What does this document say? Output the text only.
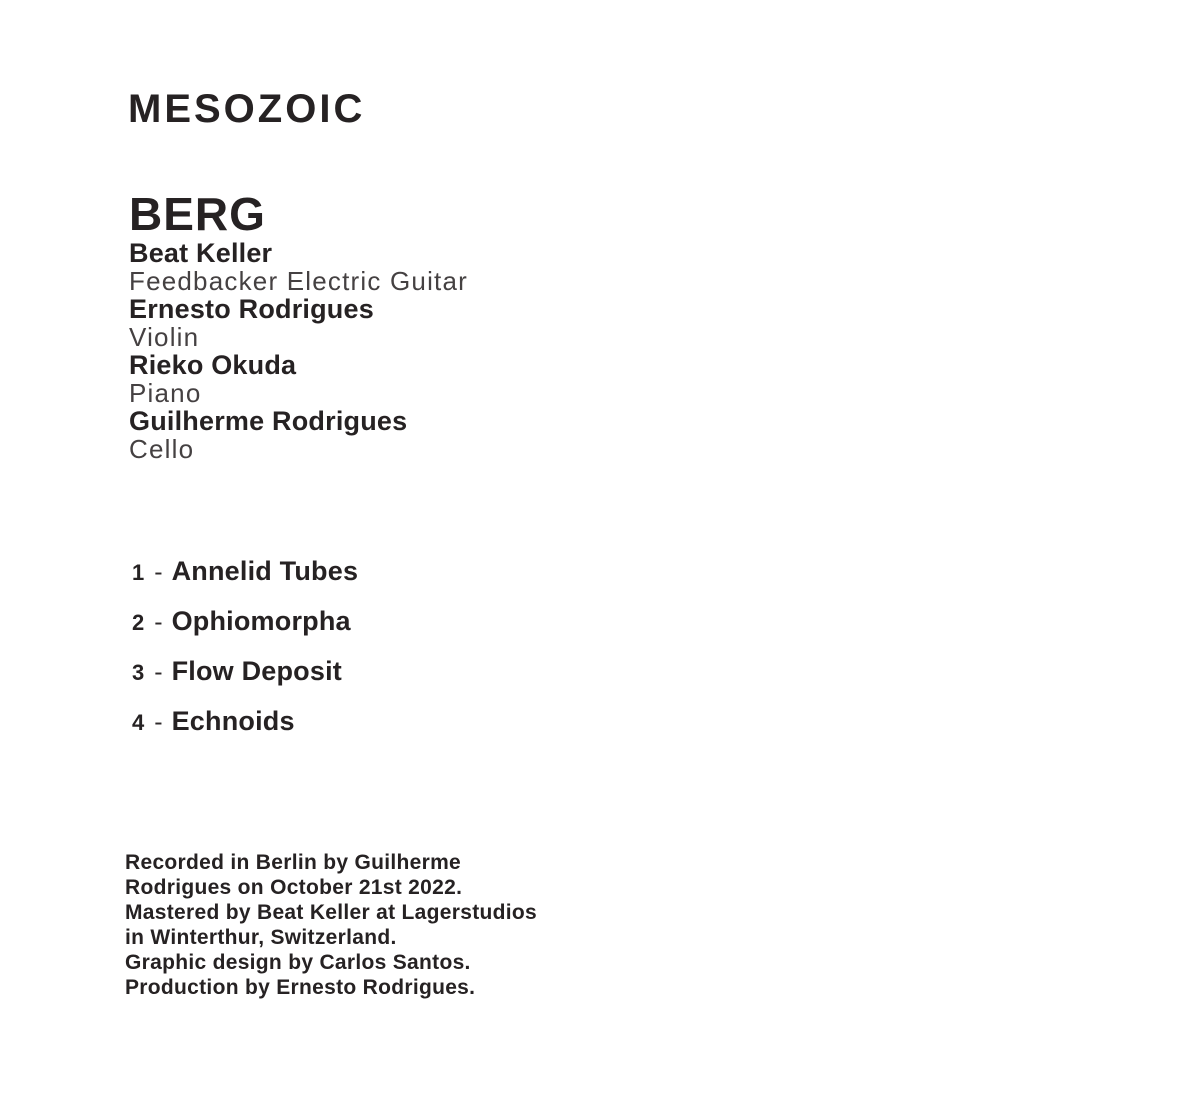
MESOZOIC
BERG
Beat Keller
Feedbacker Electric Guitar
Ernesto Rodrigues
Violin
Rieko Okuda
Piano
Guilherme Rodrigues
Cello
1 - Annelid Tubes
2 - Ophiomorpha
3 - Flow Deposit
4 - Echnoids
Recorded in Berlin by Guilherme
Rodrigues on October 21st 2022.
Mastered by Beat Keller at Lagerstudios
in Winterthur, Switzerland.
Graphic design by Carlos Santos.
Production by Ernesto Rodrigues.
